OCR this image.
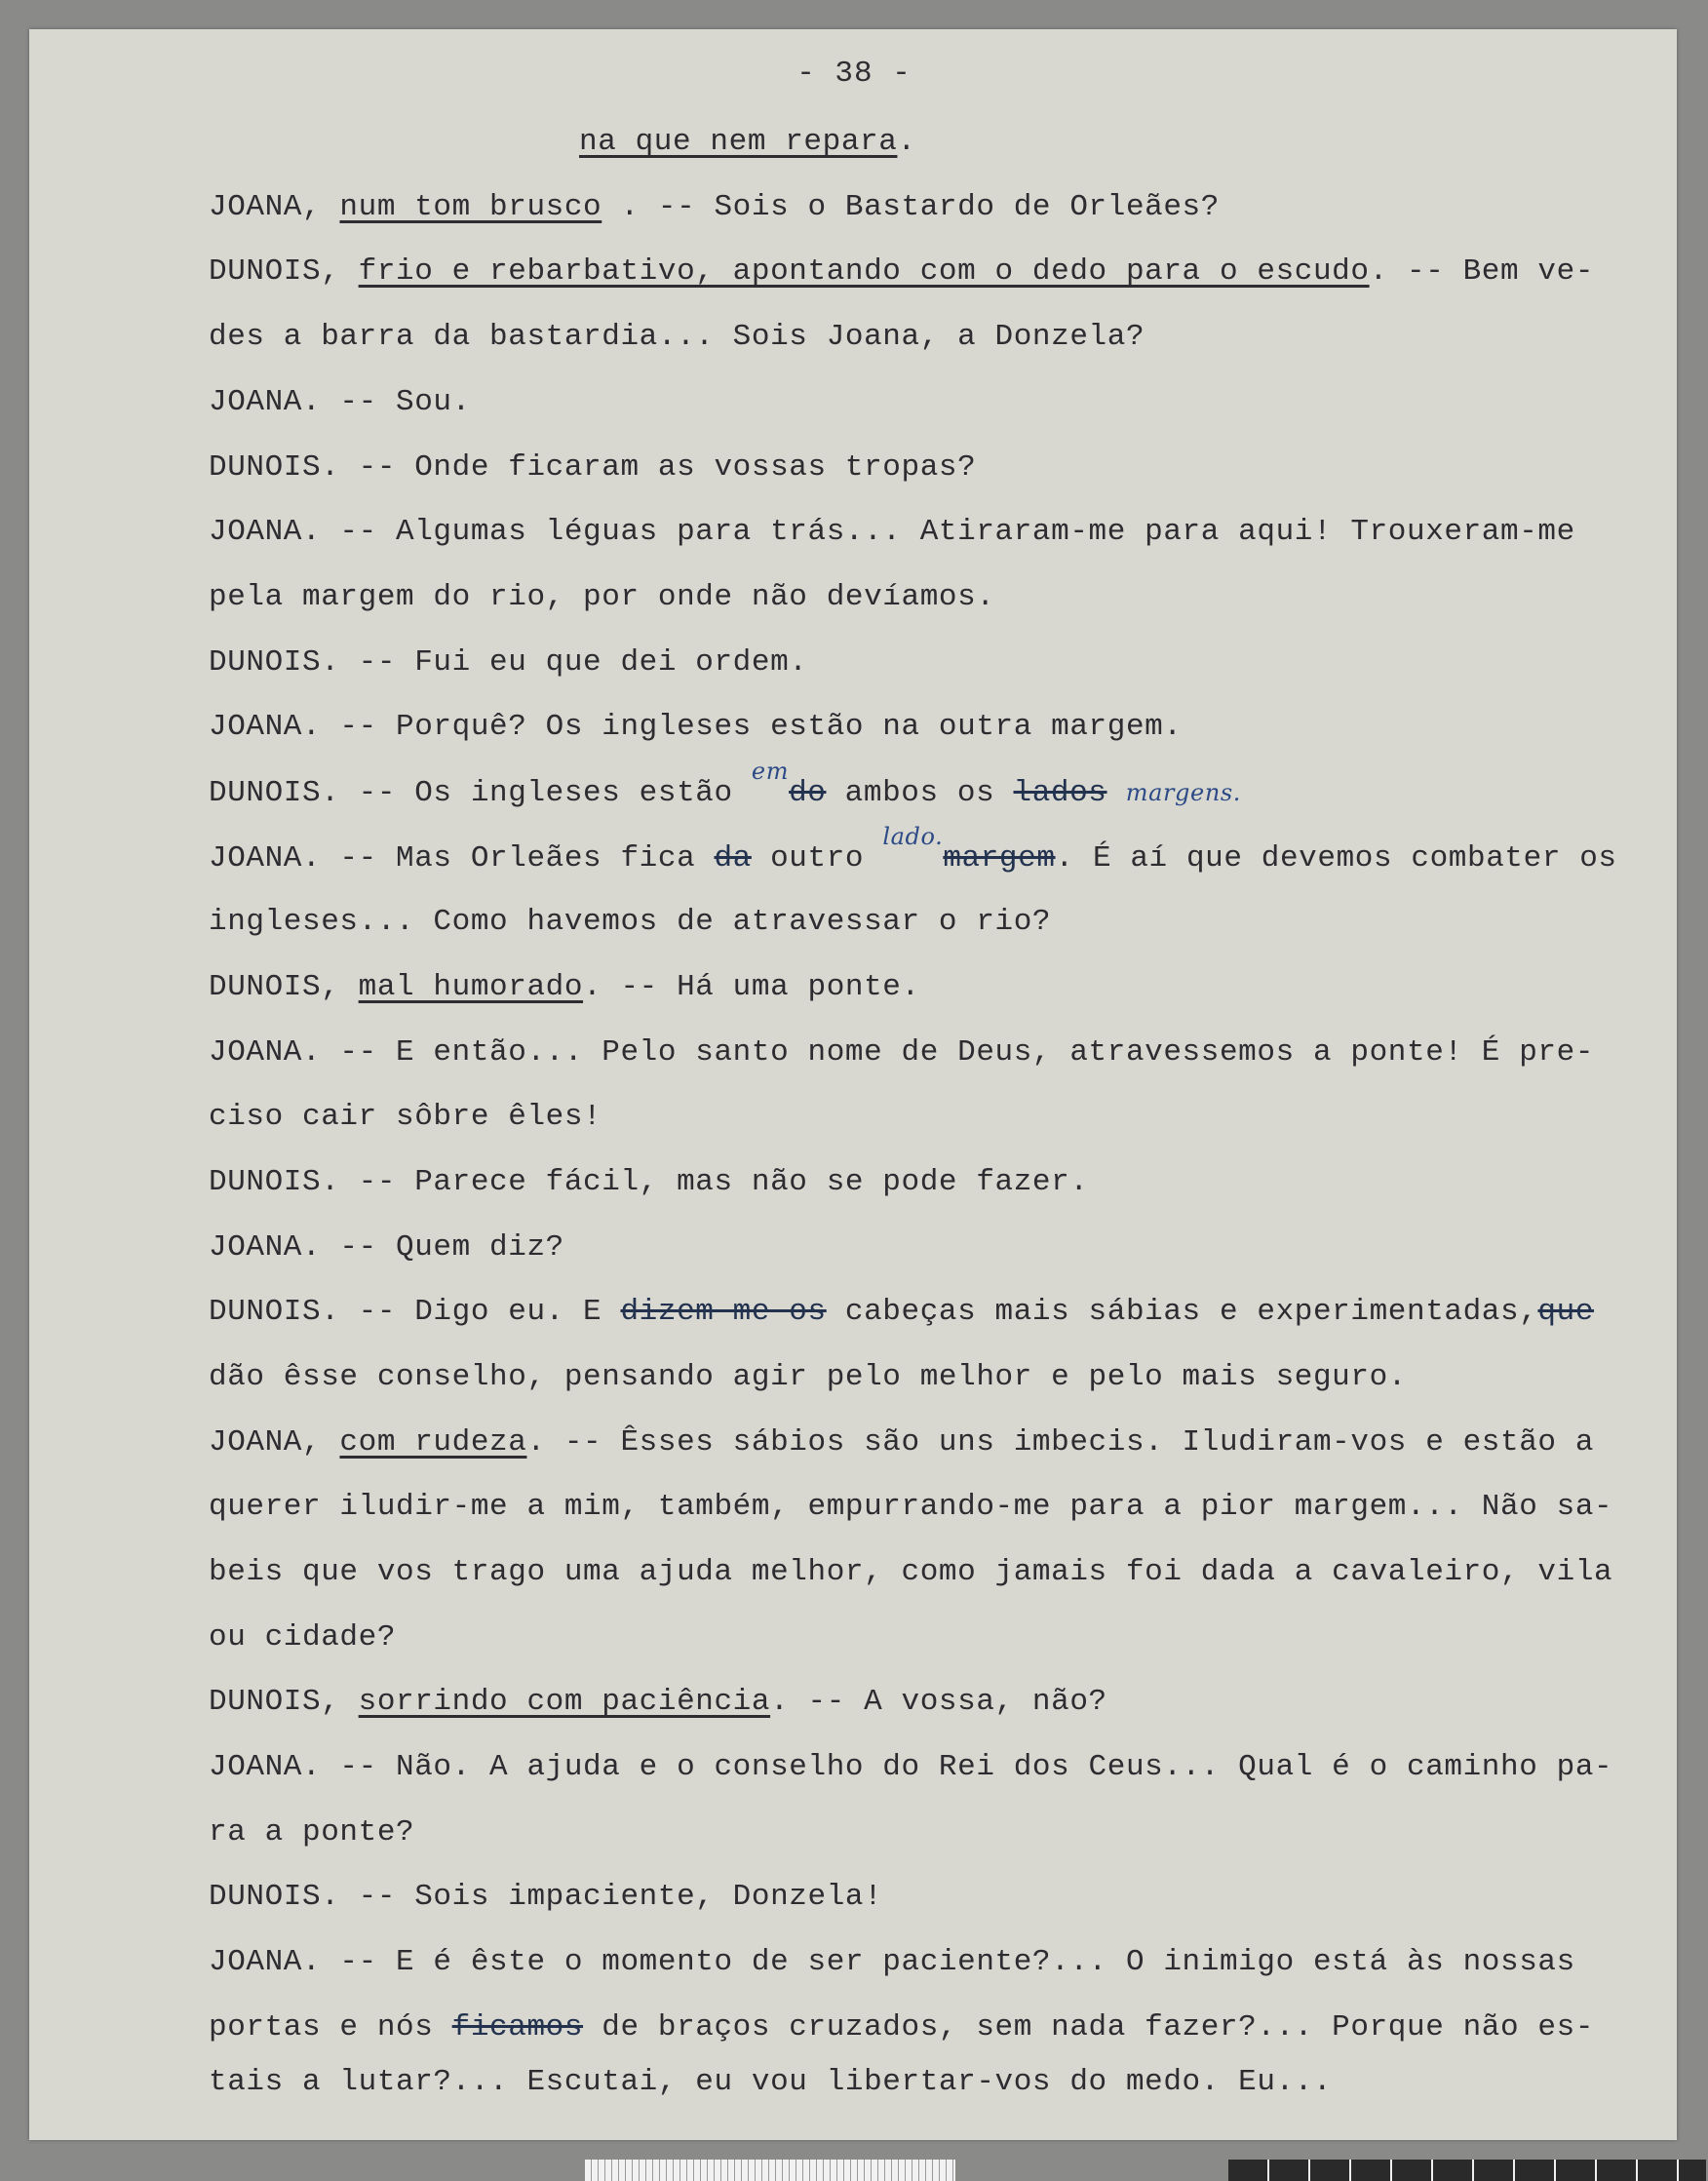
- 38 -
na que nem repara.
JOANA, num tom brusco . -- Sois o Bastardo de Orleães?
DUNOIS, frio e rebarbativo, apontando com o dedo para o escudo. -- Bem ve-
des a barra da bastardia... Sois Joana, a Donzela?
JOANA. -- Sou.
DUNOIS. -- Onde ficaram as vossas tropas?
JOANA. -- Algumas léguas para trás... Atiraram-me para aqui! Trouxeram-me
pela margem do rio, por onde não devíamos.
DUNOIS. -- Fui eu que dei ordem.
JOANA. -- Porquê? Os ingleses estão na outra margem.
DUNOIS. -- Os ingleses estão $^{em}$do ambos os lados margens.
JOANA. -- Mas Orleães fica da outro $^{lado.}$margem. É aí que devemos combater os
ingleses... Como havemos de atravessar o rio?
DUNOIS, mal humorado. -- Há uma ponte.
JOANA. -- E então... Pelo santo nome de Deus, atravessemos a ponte! É pre-
ciso cair sôbre êles!
DUNOIS. -- Parece fácil, mas não se pode fazer.
JOANA. -- Quem diz?
DUNOIS. -- Digo eu. E dizem-me os cabeças mais sábias e experimentadas,que
dão êsse conselho, pensando agir pelo melhor e pelo mais seguro.
JOANA, com rudeza. -- Êsses sábios são uns imbecis. Iludiram-vos e estão a
querer iludir-me a mim, também, empurrando-me para a pior margem... Não sa-
beis que vos trago uma ajuda melhor, como jamais foi dada a cavaleiro, vila
ou cidade?
DUNOIS, sorrindo com paciência. -- A vossa, não?
JOANA. -- Não. A ajuda e o conselho do Rei dos Ceus... Qual é o caminho pa-
ra a ponte?
DUNOIS. -- Sois impaciente, Donzela!
JOANA. -- E é êste o momento de ser paciente?... O inimigo está às nossas
portas e nós ficamos de braços cruzados, sem nada fazer?... Porque não es-
tais a lutar?... Escutai, eu vou libertar-vos do medo. Eu...
